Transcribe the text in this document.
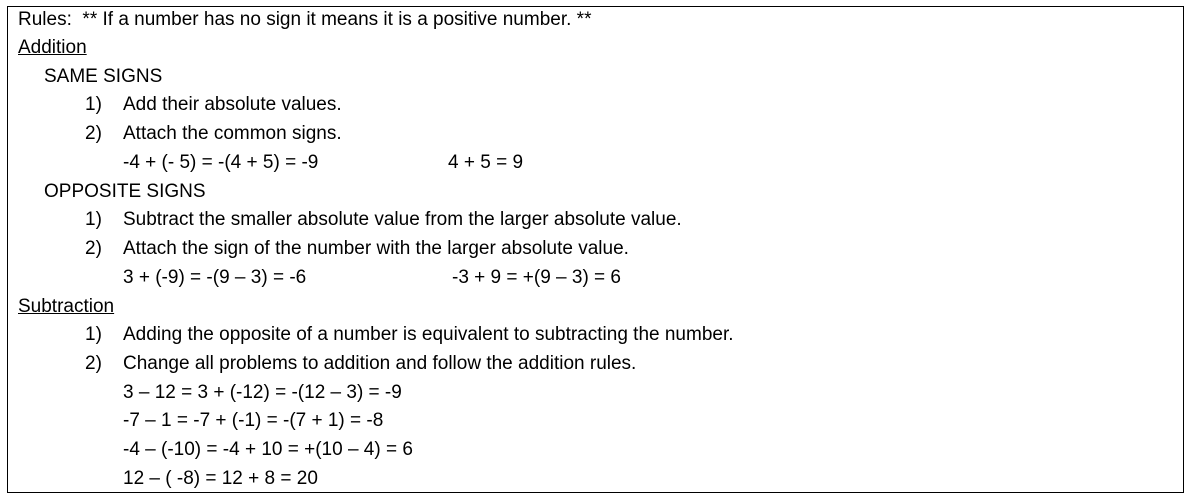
Rules: ** If a number has no sign it means it is a positive number. **
Addition
SAME SIGNS
1) Add their absolute values.
2) Attach the common signs.
-4 + (- 5) = -(4 + 5) = -9	4 + 5 = 9
OPPOSITE SIGNS
1) Subtract the smaller absolute value from the larger absolute value.
2) Attach the sign of the number with the larger absolute value.
3 + (-9) = -(9 – 3) = -6	-3 + 9 = +(9 – 3) = 6
Subtraction
1) Adding the opposite of a number is equivalent to subtracting the number.
2) Change all problems to addition and follow the addition rules.
3 – 12 = 3 + (-12) = -(12 – 3) = -9
-7 – 1 = -7 + (-1) = -(7 + 1) = -8
-4 – (-10) = -4 + 10 = +(10 – 4) = 6
12 – ( -8) = 12 + 8 = 20
